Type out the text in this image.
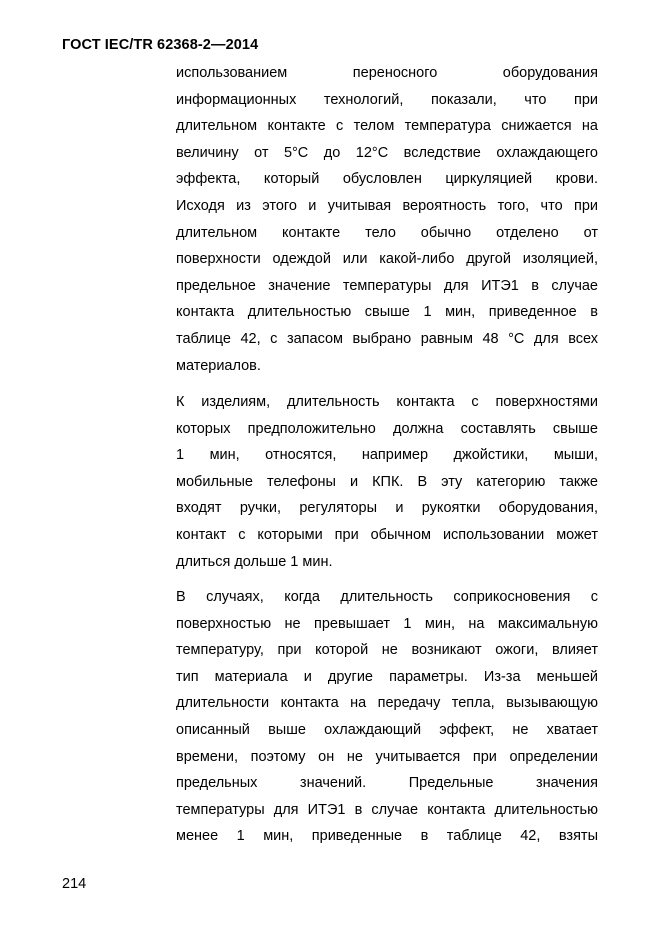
ГОСТ IEC/TR 62368-2—2014
использованием переносного оборудования
информационных технологий, показали, что при
длительном контакте с телом температура снижается на
величину от 5°С до 12°С вследствие охлаждающего
эффекта, который обусловлен циркуляцией крови.
Исходя из этого и учитывая вероятность того, что при
длительном контакте тело обычно отделено от
поверхности одеждой или какой-либо другой изоляцией,
предельное значение температуры для ИТЭ1 в случае
контакта длительностью свыше 1 мин, приведенное в
таблице 42, с запасом выбрано равным 48 °С для всех
материалов.
К изделиям, длительность контакта с поверхностями
которых предположительно должна составлять свыше
1 мин, относятся, например джойстики, мыши,
мобильные телефоны и КПК. В эту категорию также
входят ручки, регуляторы и рукоятки оборудования,
контакт с которыми при обычном использовании может
длиться дольше 1 мин.
В случаях, когда длительность соприкосновения с
поверхностью не превышает 1 мин, на максимальную
температуру, при которой не возникают ожоги, влияет
тип материала и другие параметры. Из-за меньшей
длительности контакта на передачу тепла, вызывающую
описанный выше охлаждающий эффект, не хватает
времени, поэтому он не учитывается при определении
предельных значений. Предельные значения
температуры для ИТЭ1 в случае контакта длительностью
менее 1 мин, приведенные в таблице 42, взяты
214
